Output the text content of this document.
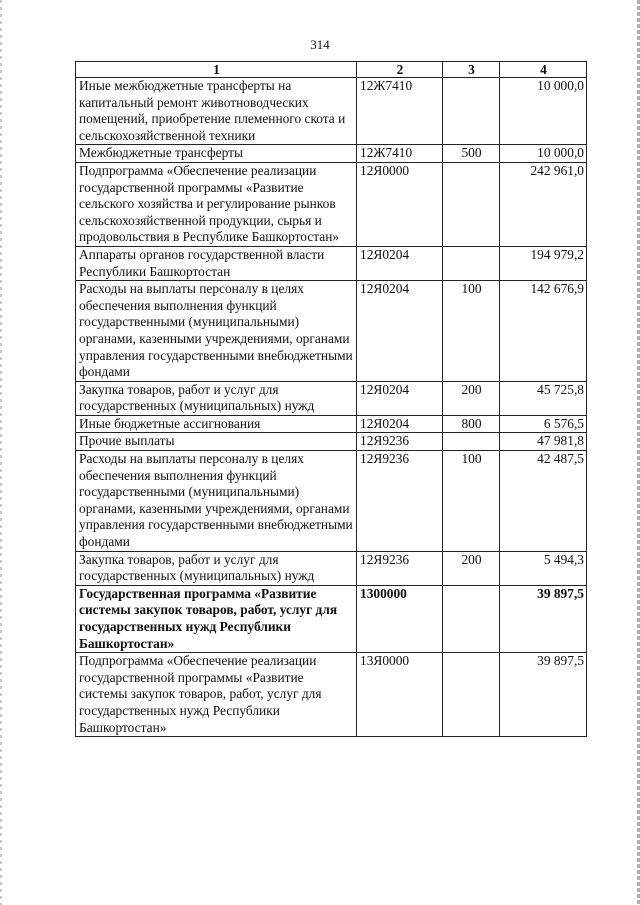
314
1	2	3	4
Иные межбюджетные трансферты на капитальный ремонт животноводческих помещений, приобретение племенного скота и сельскохозяйственной техники	12Ж7410		10 000,0
Межбюджетные трансферты	12Ж7410	500	10 000,0
Подпрограмма «Обеспечение реализации государственной программы «Развитие сельского хозяйства и регулирование рынков сельскохозяйственной продукции, сырья и продовольствия в Республике Башкортостан»	12Я0000		242 961,0
Аппараты органов государственной власти Республики Башкортостан	12Я0204		194 979,2
Расходы на выплаты персоналу в целях обеспечения выполнения функций государственными (муниципальными) органами, казенными учреждениями, органами управления государственными внебюджетными фондами	12Я0204	100	142 676,9
Закупка товаров, работ и услуг для государственных (муниципальных) нужд	12Я0204	200	45 725,8
Иные бюджетные ассигнования	12Я0204	800	6 576,5
Прочие выплаты	12Я9236		47 981,8
Расходы на выплаты персоналу в целях обеспечения выполнения функций государственными (муниципальными) органами, казенными учреждениями, органами управления государственными внебюджетными фондами	12Я9236	100	42 487,5
Закупка товаров, работ и услуг для государственных (муниципальных) нужд	12Я9236	200	5 494,3
Государственная программа «Развитие системы закупок товаров, работ, услуг для государственных нужд Республики Башкортостан»	1300000		39 897,5
Подпрограмма «Обеспечение реализации государственной программы «Развитие системы закупок товаров, работ, услуг для государственных нужд Республики Башкортостан»	13Я0000		39 897,5
